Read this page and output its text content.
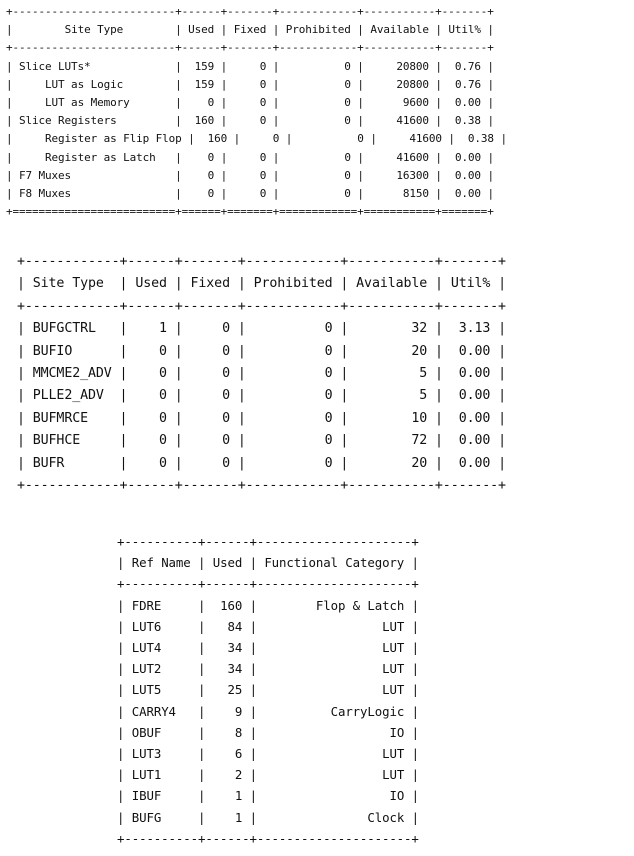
+-------------------------+------+-------+------------+-----------+-------+
|	Site Type	| Used | Fixed | Prohibited | Available | Util% |
+-------------------------+------+-------+------------+-----------+-------+
| Slice LUTs*	| 159 |	0 |	0 |	20800 | 0.76 |
|     LUT as Logic	| 159 |	0 |	0 |	20800 | 0.76 |
|     LUT as Memory	| 0 |	0 |	0 |	9600 | 0.00 |
| Slice Registers	| 160 |	0 |	0 |	41600 | 0.38 |
|     Register as Flip Flop | 160 |	0 |	0 |	41600 | 0.38 |
|     Register as Latch   | 0 |	0 |	0 |	41600 | 0.00 |
| F7 Muxes	| 0 |	0 |	0 |	16300 | 0.00 |
| F8 Muxes	| 0 |	0 |	0 |	8150 | 0.00 |
+=========================+======+=======+============+===========+=======+
+------------+------+-------+------------+-----------+-------+
| Site Type  | Used | Fixed | Prohibited | Available | Util% |
+------------+------+-------+------------+-----------+-------+
| BUFGCTRL   | 1 |	0 |	0 |	32 | 3.13 |
| BUFIO	| 0 |	0 |	0 |	20 | 0.00 |
| MMCME2_ADV | 0 |	0 |	0 |	5 | 0.00 |
| PLLE2_ADV  | 0 |	0 |	0 |	5 | 0.00 |
| BUFMRCE    | 0 |	0 |	0 |	10 | 0.00 |
| BUFHCE     | 0 |	0 |	0 |	72 | 0.00 |
| BUFR	| 0 |	0 |	0 |	20 | 0.00 |
+------------+------+-------+------------+-----------+-------+
+----------+------+---------------------+
| Ref Name | Used | Functional Category |
+----------+------+---------------------+
| FDRE     | 160 |	Flop & Latch |
| LUT6     | 84 |	LUT |
| LUT4     | 34 |	LUT |
| LUT2     | 34 |	LUT |
| LUT5     | 25 |	LUT |
| CARRY4   | 9 |	CarryLogic |
| OBUF     | 8 |	IO |
| LUT3     | 6 |	LUT |
| LUT1     | 2 |	LUT |
| IBUF     | 1 |	IO |
| BUFG     | 1 |	Clock |
+----------+------+---------------------+
